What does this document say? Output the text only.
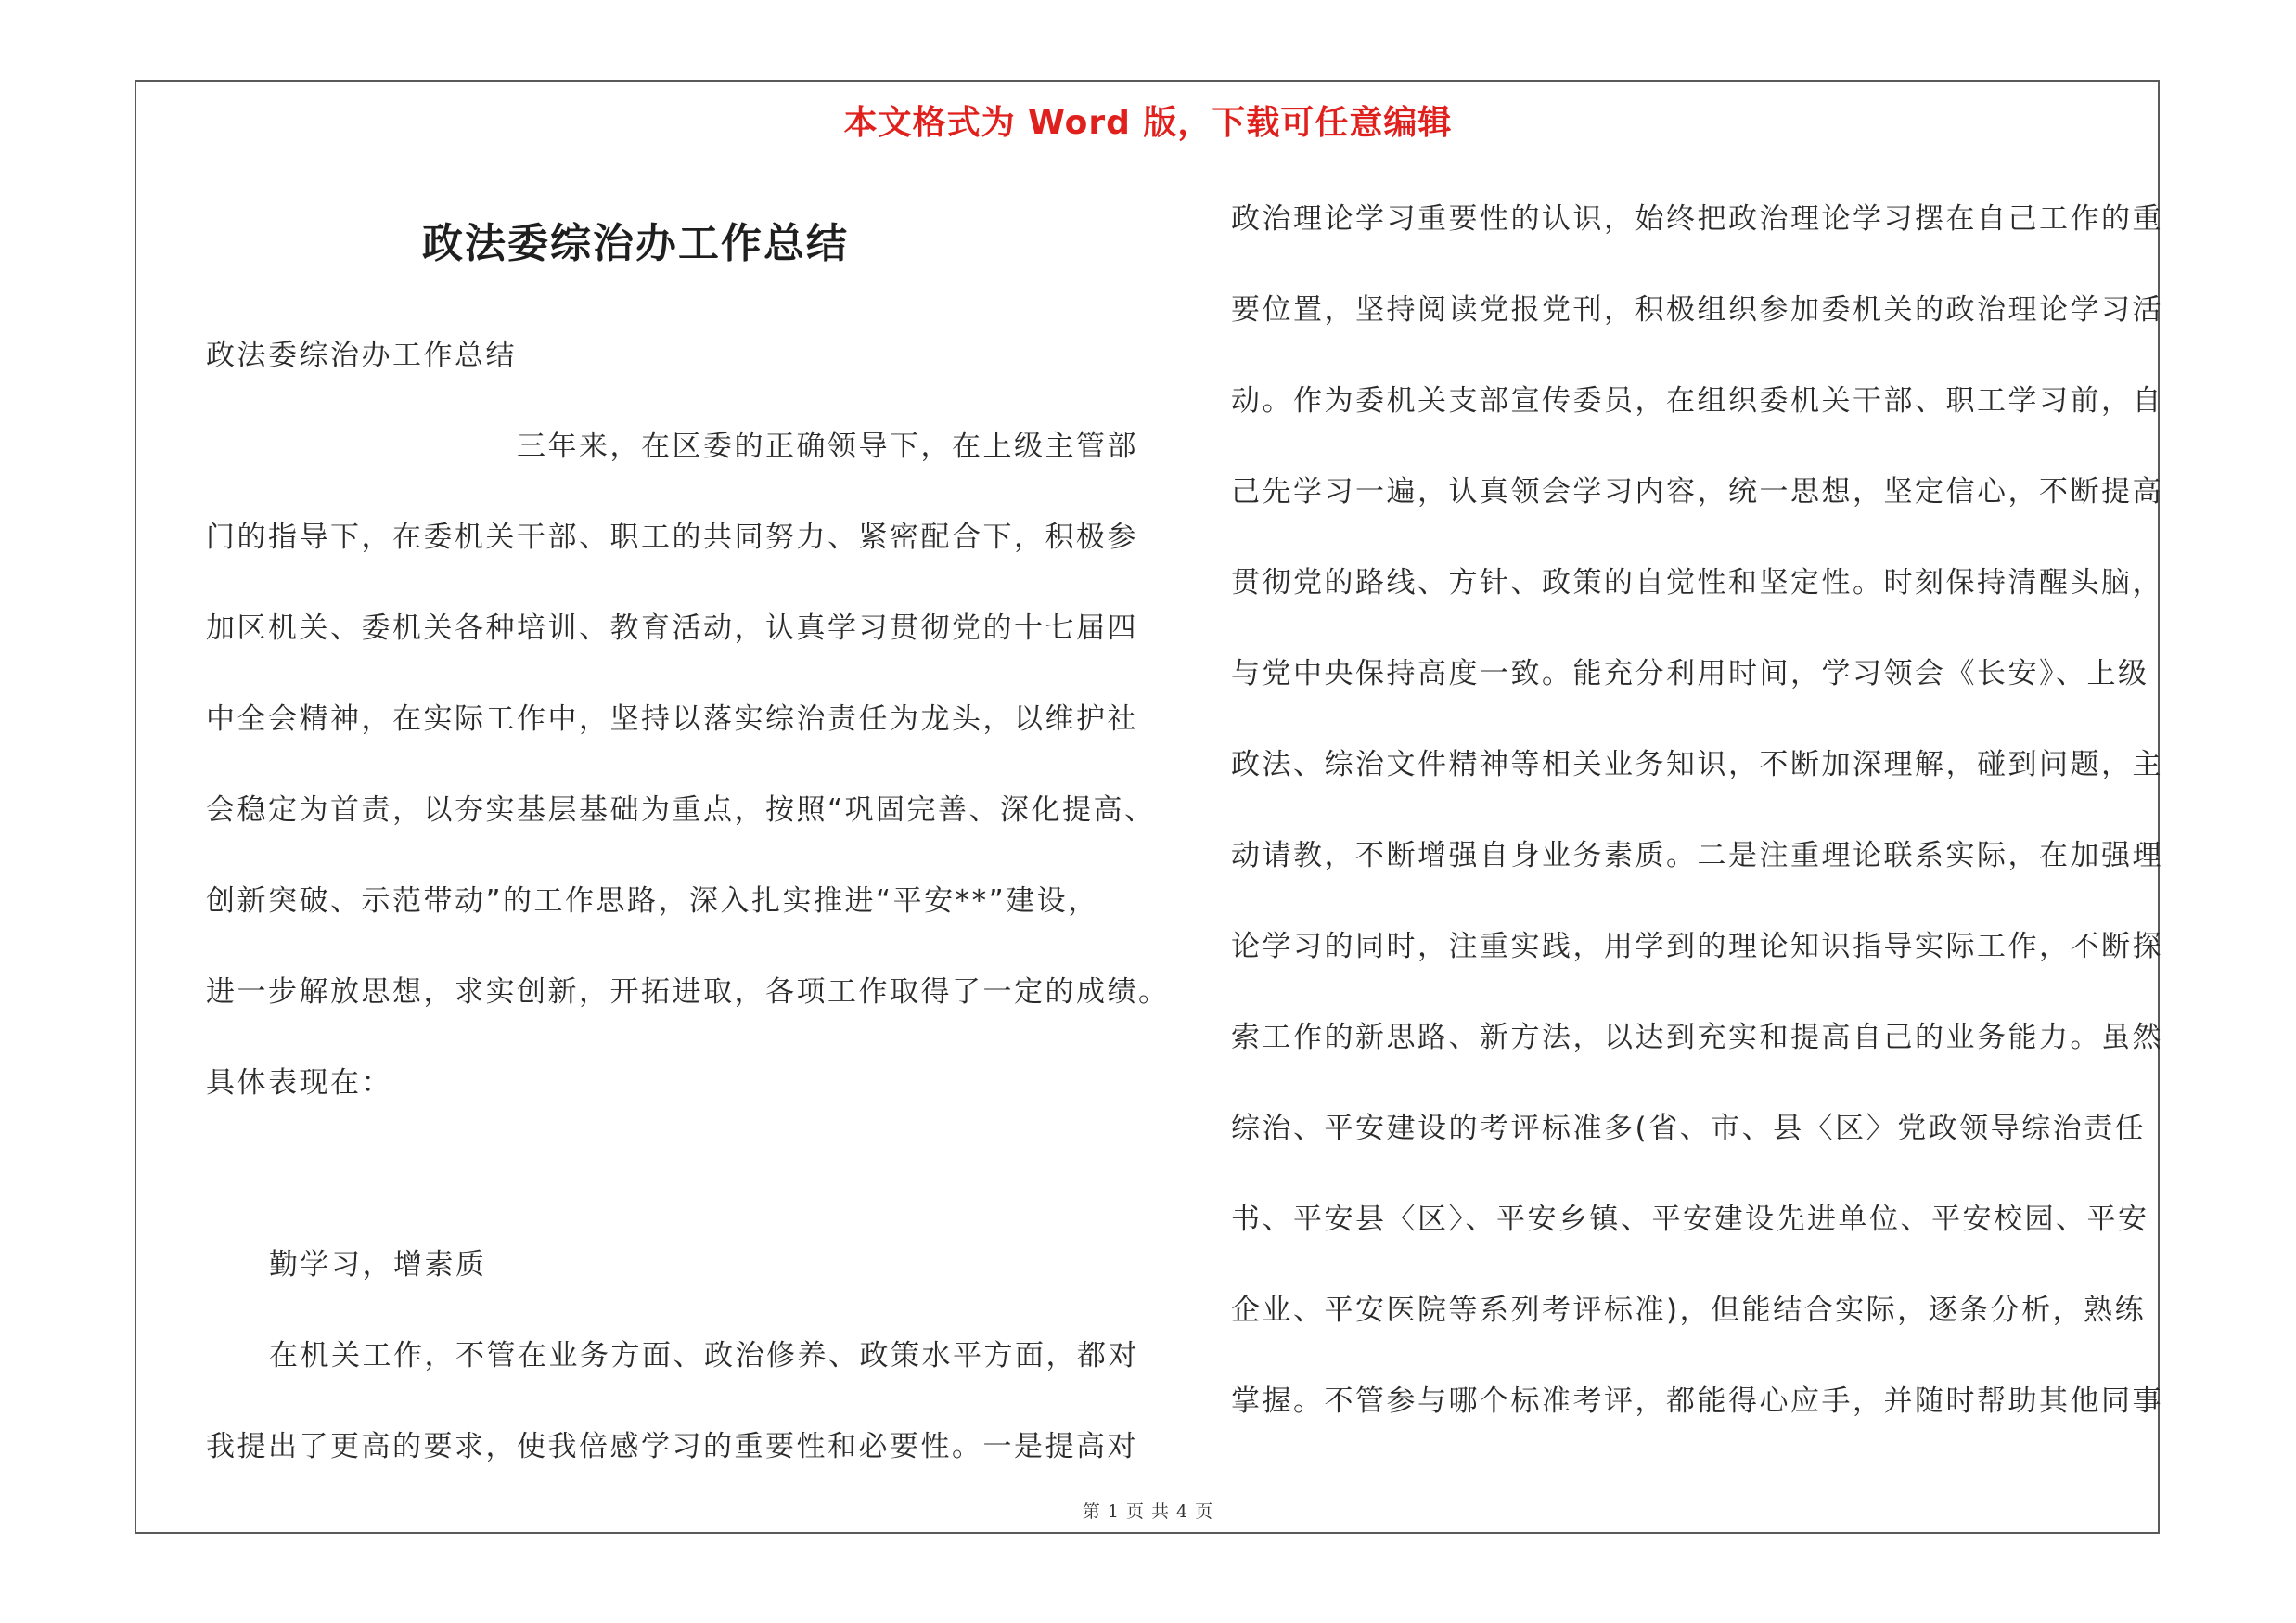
本文格式为 Word 版，下载可任意编辑
政法委综治办工作总结
政法委综治办工作总结
三年来，在区委的正确领导下，在上级主管部
门的指导下，在委机关干部、职工的共同努力、紧密配合下，积极参
加区机关、委机关各种培训、教育活动，认真学习贯彻党的十七届四
中全会精神，在实际工作中，坚持以落实综治责任为龙头，以维护社
会稳定为首责，以夯实基层基础为重点，按照“巩固完善、深化提高、
创新突破、示范带动”的工作思路，深入扎实推进“平安**”建设，
进一步解放思想，求实创新，开拓进取，各项工作取得了一定的成绩。
具体表现在：
勤学习，增素质
在机关工作，不管在业务方面、政治修养、政策水平方面，都对
我提出了更高的要求，使我倍感学习的重要性和必要性。一是提高对
政治理论学习重要性的认识，始终把政治理论学习摆在自己工作的重
要位置，坚持阅读党报党刊，积极组织参加委机关的政治理论学习活
动。作为委机关支部宣传委员，在组织委机关干部、职工学习前，自
己先学习一遍，认真领会学习内容，统一思想，坚定信心，不断提高
贯彻党的路线、方针、政策的自觉性和坚定性。时刻保持清醒头脑，
与党中央保持高度一致。能充分利用时间，学习领会《长安》、上级
政法、综治文件精神等相关业务知识，不断加深理解，碰到问题，主
动请教，不断增强自身业务素质。二是注重理论联系实际，在加强理
论学习的同时，注重实践，用学到的理论知识指导实际工作，不断探
索工作的新思路、新方法，以达到充实和提高自己的业务能力。虽然
综治、平安建设的考评标准多(省、市、县〈区〉党政领导综治责任
书、平安县〈区〉、平安乡镇、平安建设先进单位、平安校园、平安
企业、平安医院等系列考评标准)，但能结合实际，逐条分析，熟练
掌握。不管参与哪个标准考评，都能得心应手，并随时帮助其他同事
第 1 页 共 4 页
